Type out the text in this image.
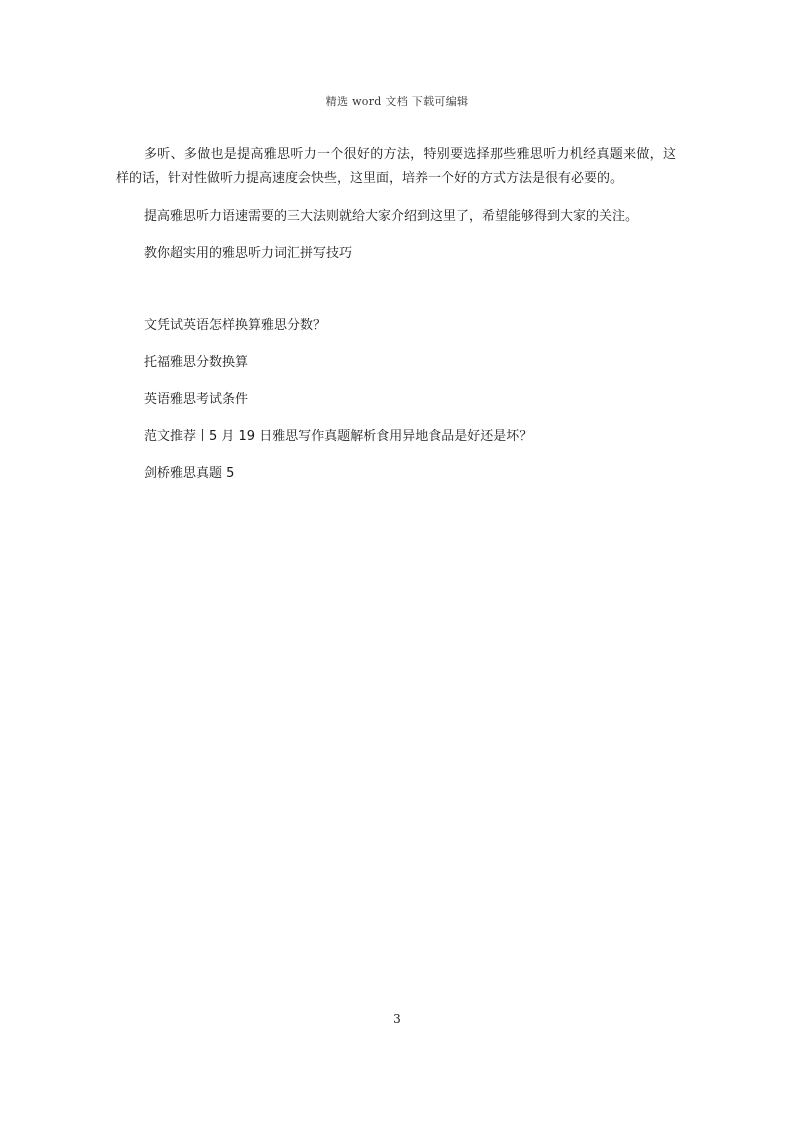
精选 word 文档 下载可编辑

多听、多做也是提高雅思听力一个很好的方法，特别要选择那些雅思听力机经真题来做，这样的话，针对性做听力提高速度会快些，这里面，培养一个好的方式方法是很有必要的。

提高雅思听力语速需要的三大法则就给大家介绍到这里了，希望能够得到大家的关注。

教你超实用的雅思听力词汇拼写技巧
文凭试英语怎样换算雅思分数？
托福雅思分数换算
英语雅思考试条件
范文推荐丨5 月 19 日雅思写作真题解析食用异地食品是好还是坏？
剑桥雅思真题 5
3
